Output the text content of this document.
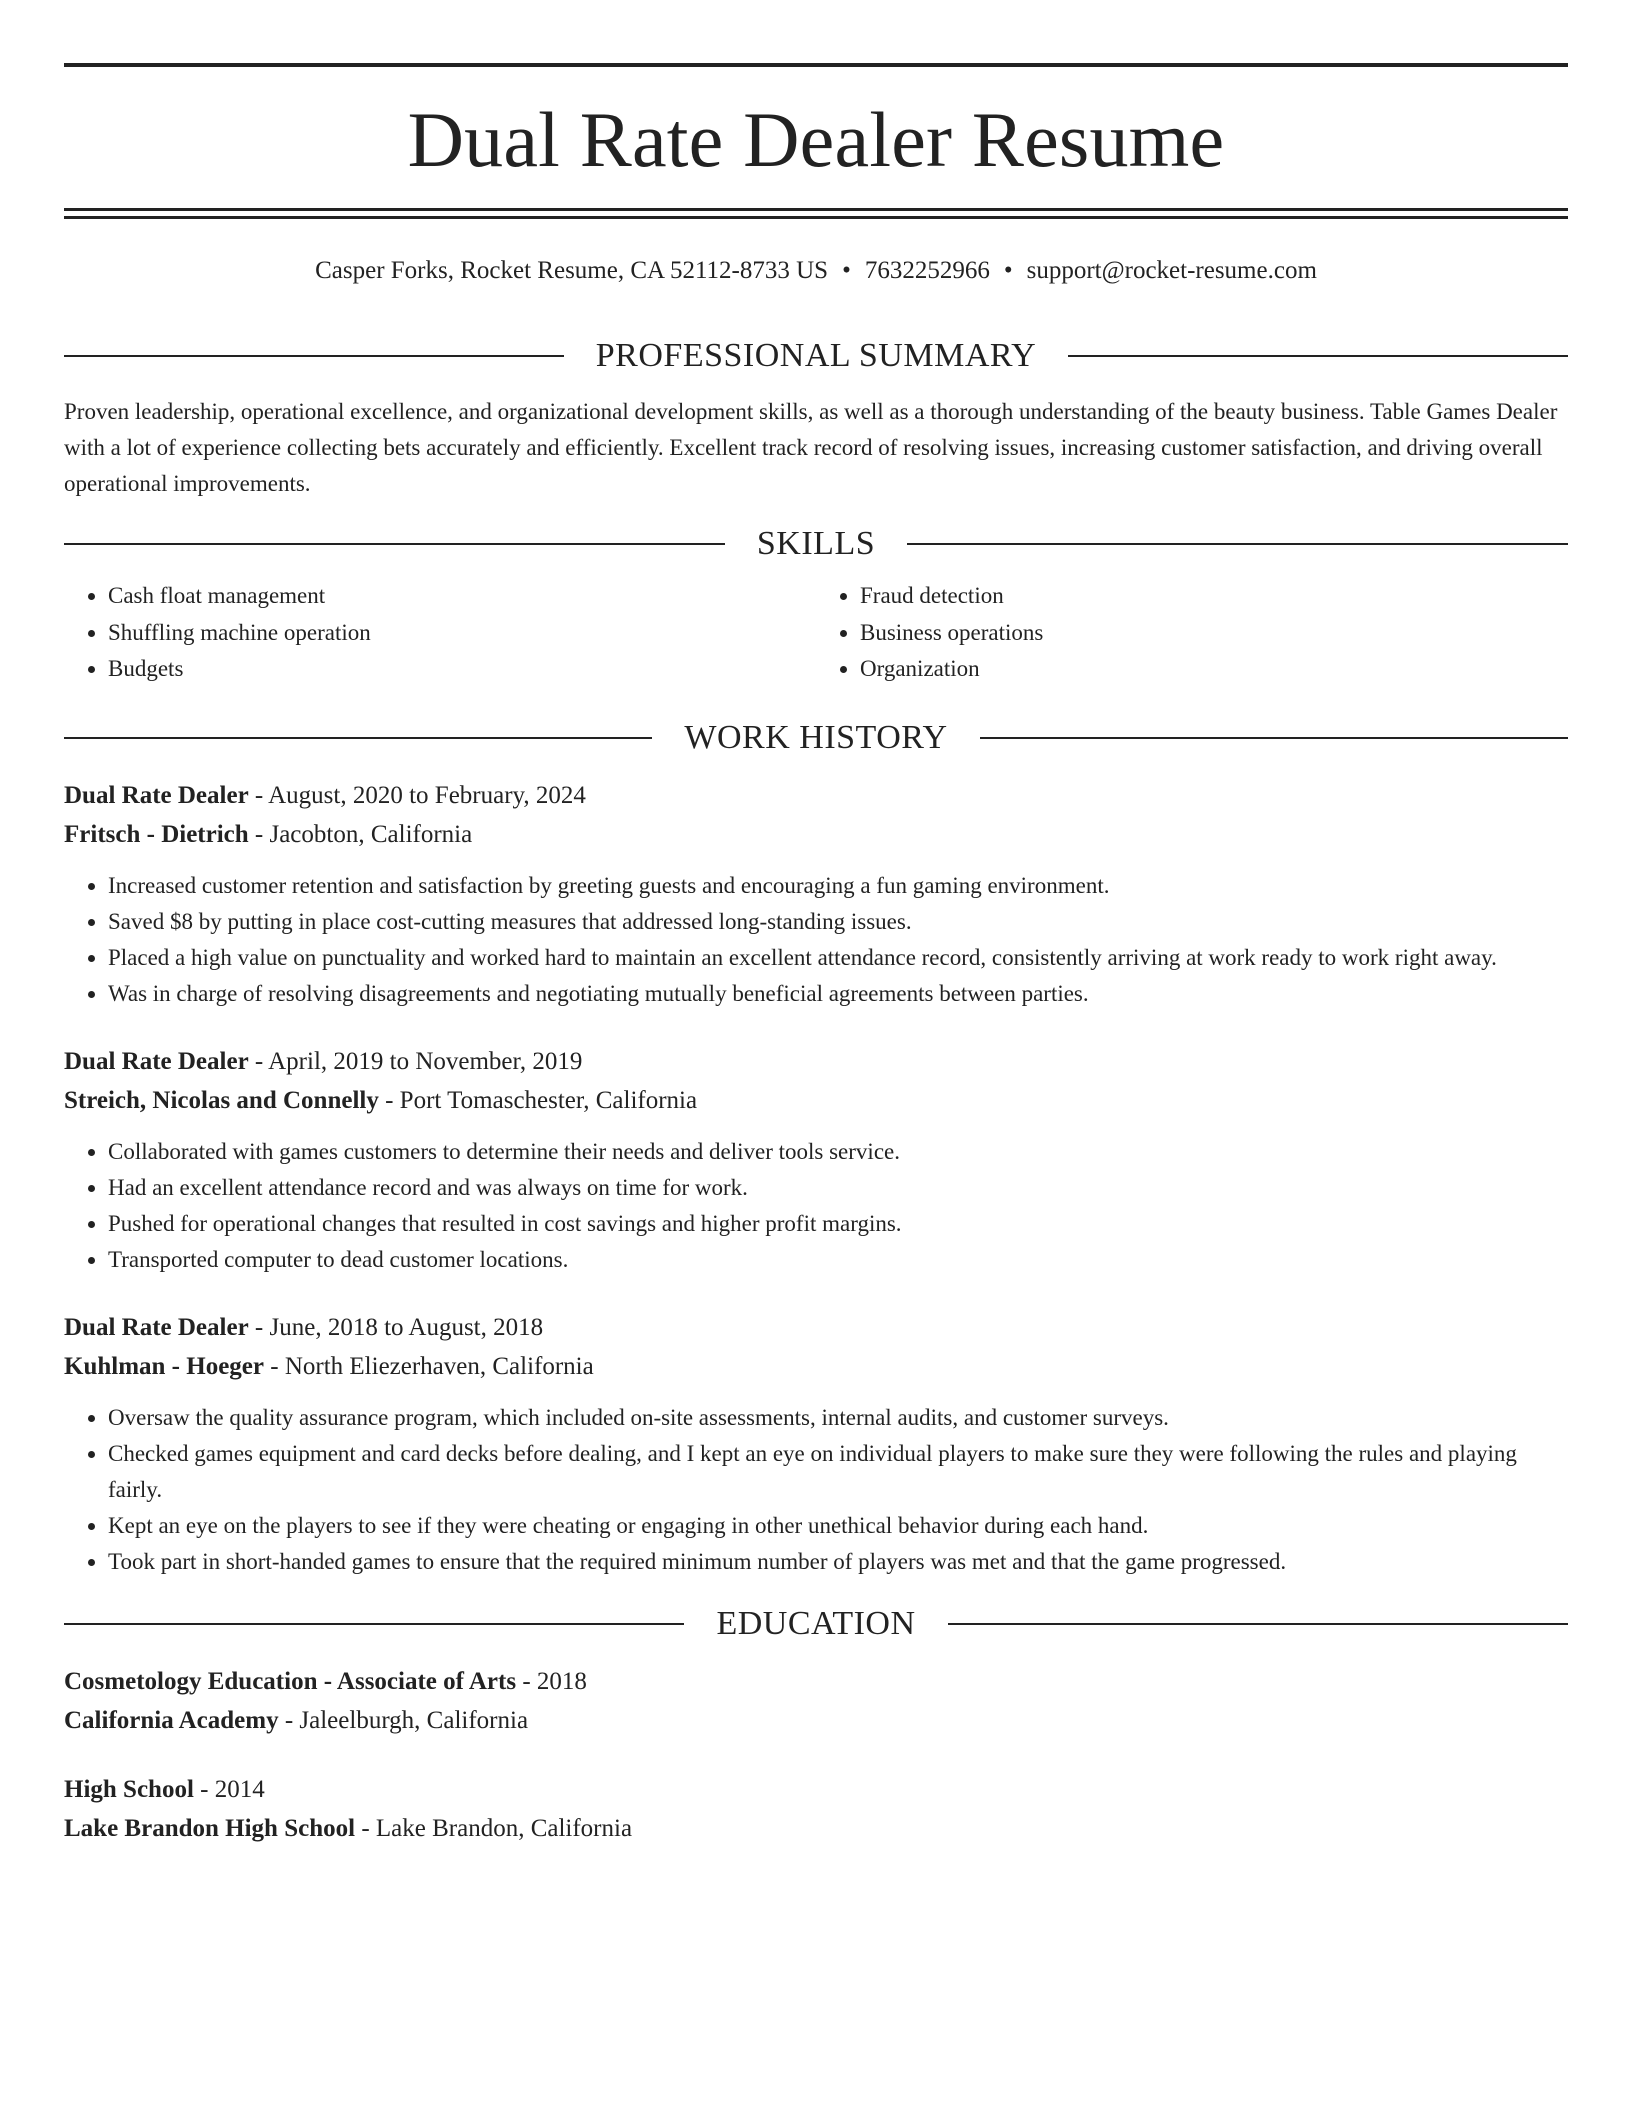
Dual Rate Dealer Resume
Casper Forks, Rocket Resume, CA 52112-8733 US • 7632252966 • support@rocket-resume.com
PROFESSIONAL SUMMARY

Proven leadership, operational excellence, and organizational development skills, as well as a thorough understanding of the beauty business. Table Games Dealer with a lot of experience collecting bets accurately and efficiently. Excellent track record of resolving issues, increasing customer satisfaction, and driving overall operational improvements.

SKILLS
• Cash float management
• Shuffling machine operation
• Budgets
• Fraud detection
• Business operations
• Organization
WORK HISTORY
Dual Rate Dealer - August, 2020 to February, 2024
Fritsch - Dietrich - Jacobton, California
• Increased customer retention and satisfaction by greeting guests and encouraging a fun gaming environment.
• Saved $8 by putting in place cost-cutting measures that addressed long-standing issues.
• Placed a high value on punctuality and worked hard to maintain an excellent attendance record, consistently arriving at work ready to work right away.
• Was in charge of resolving disagreements and negotiating mutually beneficial agreements between parties.
Dual Rate Dealer - April, 2019 to November, 2019
Streich, Nicolas and Connelly - Port Tomaschester, California
• Collaborated with games customers to determine their needs and deliver tools service.
• Had an excellent attendance record and was always on time for work.
• Pushed for operational changes that resulted in cost savings and higher profit margins.
• Transported computer to dead customer locations.
Dual Rate Dealer - June, 2018 to August, 2018
Kuhlman - Hoeger - North Eliezerhaven, California
• Oversaw the quality assurance program, which included on-site assessments, internal audits, and customer surveys.
• Checked games equipment and card decks before dealing, and I kept an eye on individual players to make sure they were following the rules and playing fairly.
• Kept an eye on the players to see if they were cheating or engaging in other unethical behavior during each hand.
• Took part in short-handed games to ensure that the required minimum number of players was met and that the game progressed.
EDUCATION
Cosmetology Education - Associate of Arts - 2018
California Academy - Jaleelburgh, California
High School - 2014
Lake Brandon High School - Lake Brandon, California
